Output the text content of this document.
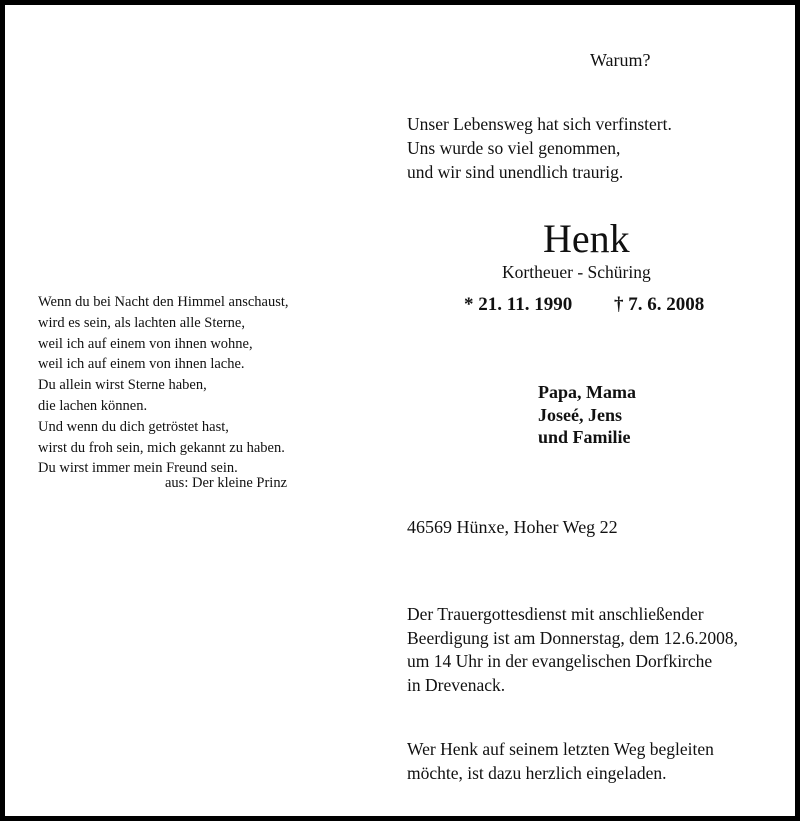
Warum?
Unser Lebensweg hat sich verfinstert.
Uns wurde so viel genommen,
und wir sind unendlich traurig.
Henk
Kortheuer - Schüring
* 21. 11. 1990 † 7. 6. 2008
Papa, Mama
Joseé, Jens
und Familie
46569 Hünxe, Hoher Weg 22
Der Trauergottesdienst mit anschließender
Beerdigung ist am Donnerstag, dem 12.6.2008,
um 14 Uhr in der evangelischen Dorfkirche
in Drevenack.
Wer Henk auf seinem letzten Weg begleiten
möchte, ist dazu herzlich eingeladen.
Wenn du bei Nacht den Himmel anschaust,
wird es sein, als lachten alle Sterne,
weil ich auf einem von ihnen wohne,
weil ich auf einem von ihnen lache.
Du allein wirst Sterne haben,
die lachen können.
Und wenn du dich getröstet hast,
wirst du froh sein, mich gekannt zu haben.
Du wirst immer mein Freund sein.
aus: Der kleine Prinz
